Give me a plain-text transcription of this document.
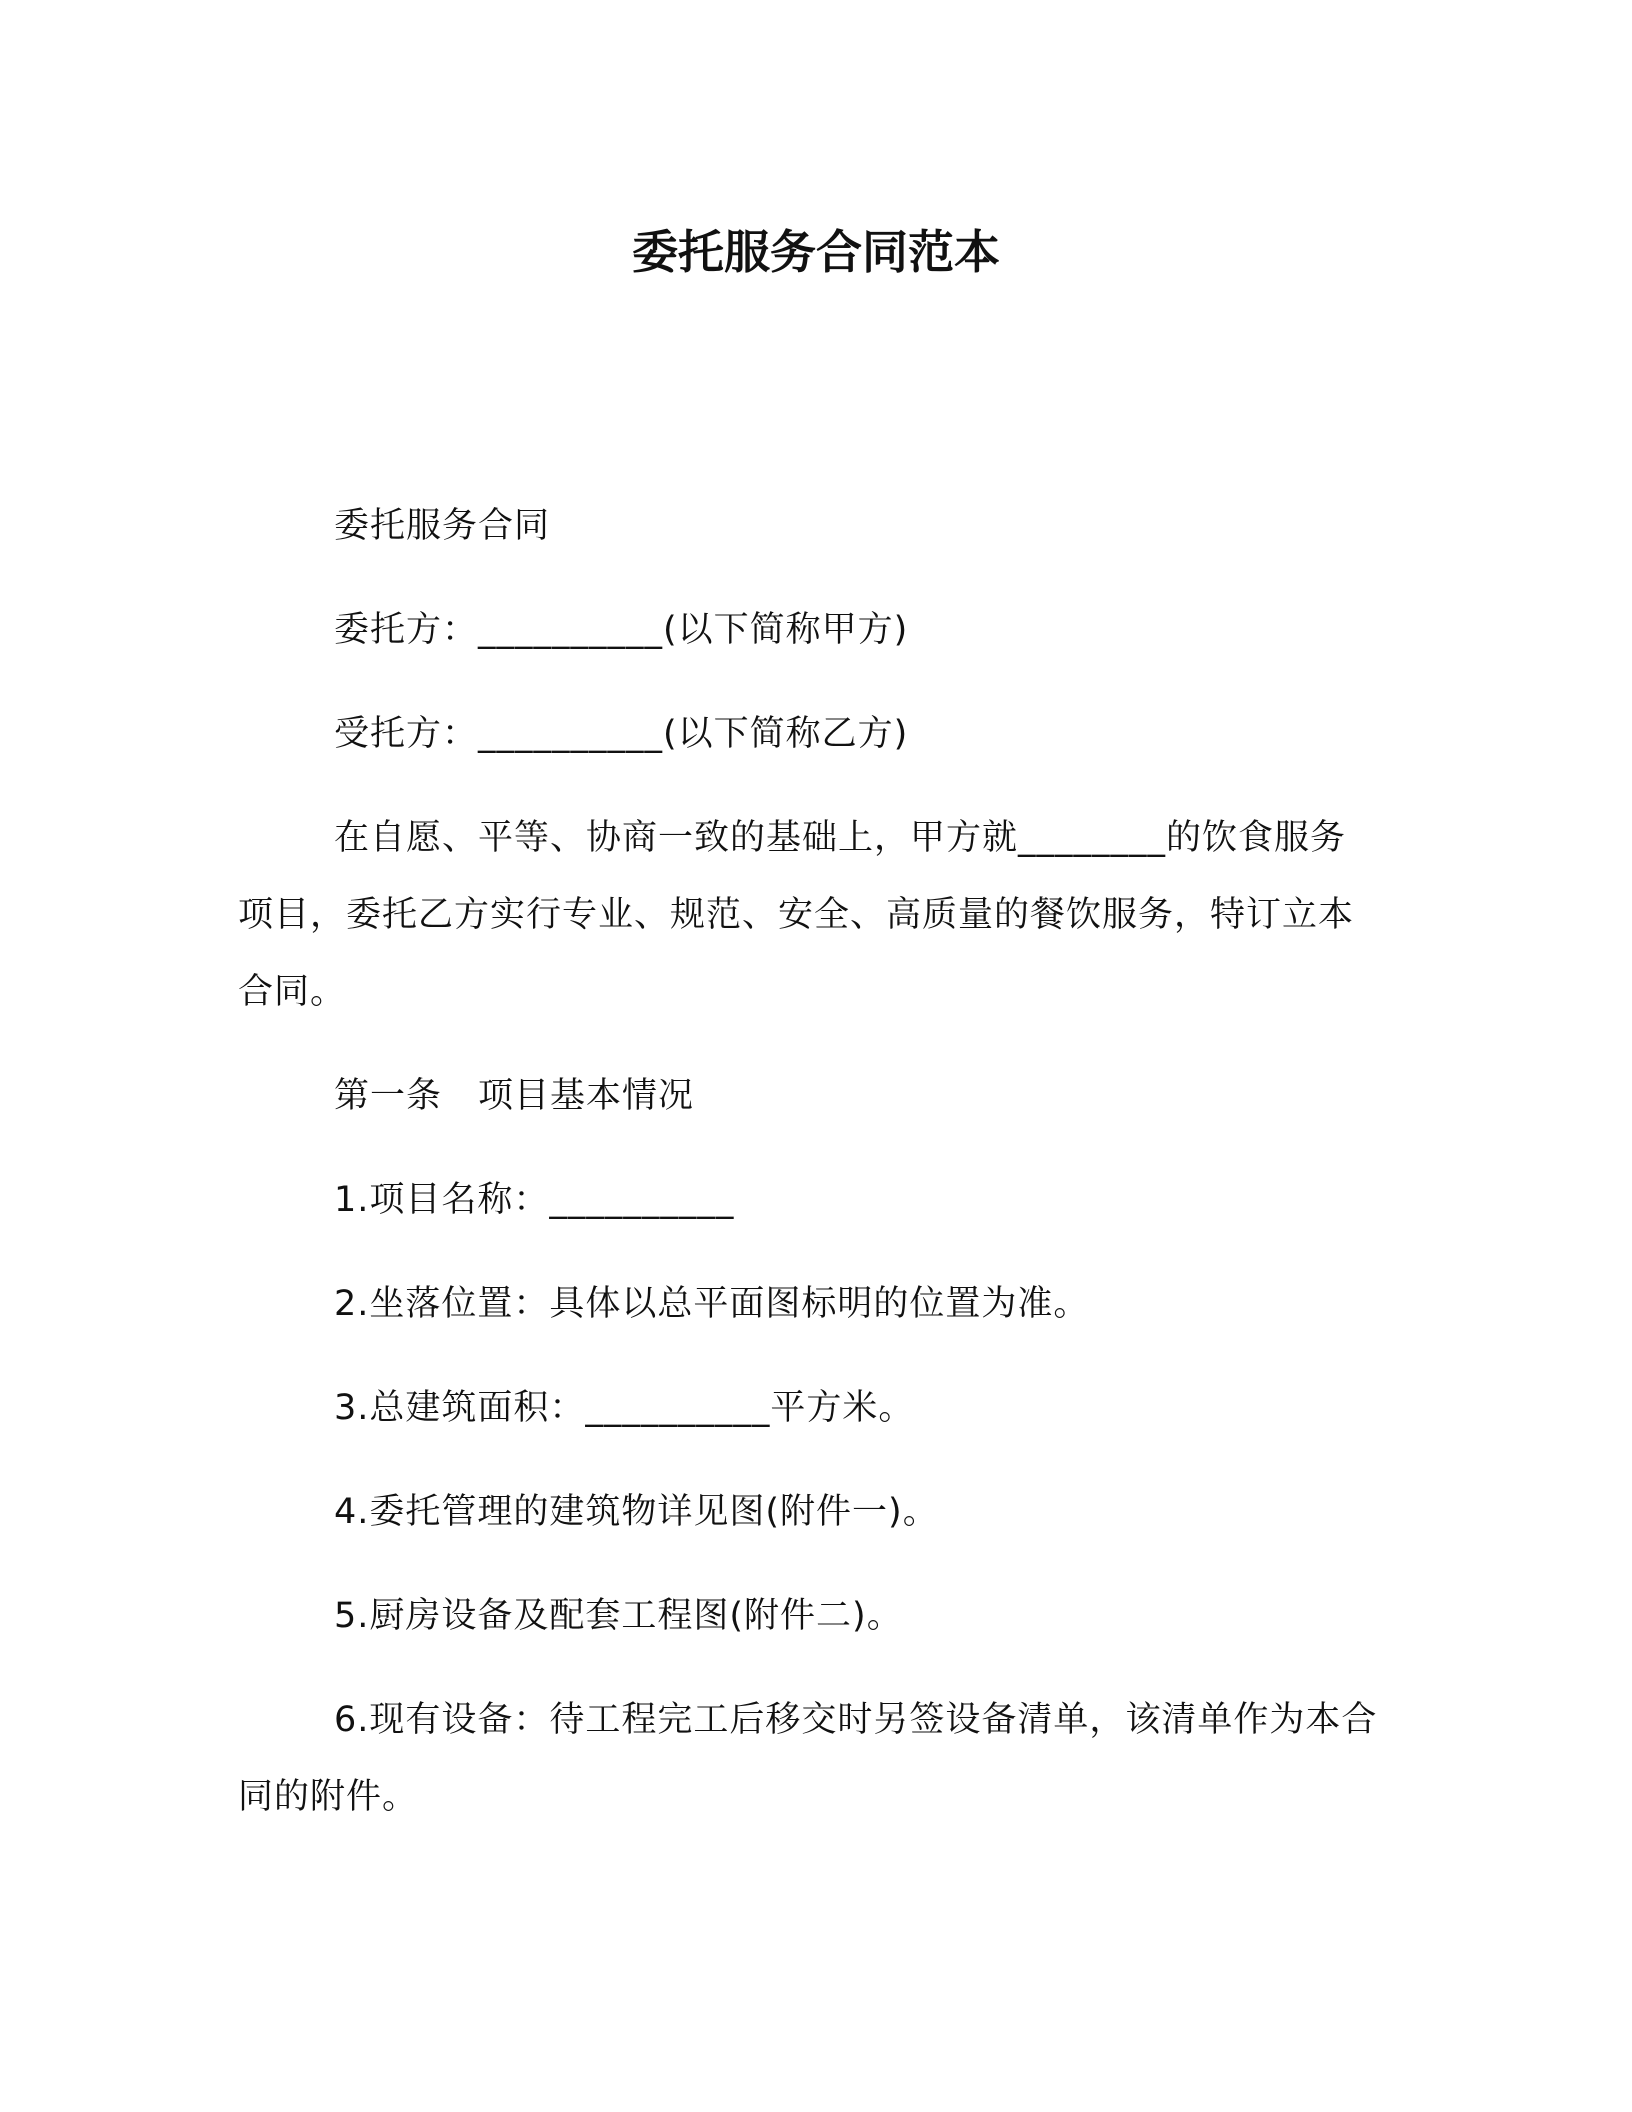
委托服务合同范本

委托服务合同

委托方：__________(以下简称甲方)

受托方：__________(以下简称乙方)

在自愿、平等、协商一致的基础上，甲方就________的饮食服务项目，委托乙方实行专业、规范、安全、高质量的餐饮服务，特订立本合同。

第一条　项目基本情况

1.项目名称：__________

2.坐落位置：具体以总平面图标明的位置为准。

3.总建筑面积：__________平方米。

4.委托管理的建筑物详见图(附件一)。

5.厨房设备及配套工程图(附件二)。

6.现有设备：待工程完工后移交时另签设备清单，该清单作为本合同的附件。
